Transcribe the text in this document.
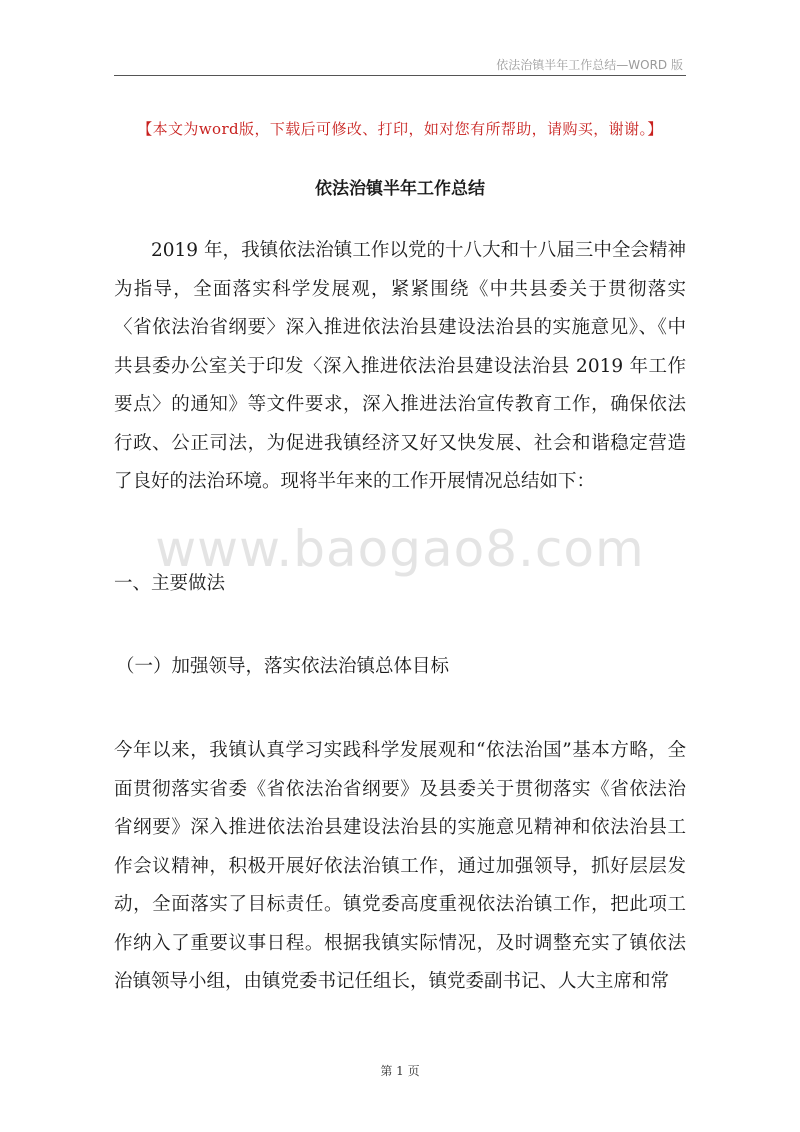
依法治镇半年工作总结—WORD 版
【本文为word版，下载后可修改、打印，如对您有所帮助，请购买，谢谢。】
依法治镇半年工作总结

2019 年，我镇依法治镇工作以党的十八大和十八届三中全会精神为指导，全面落实科学发展观，紧紧围绕《中共县委关于贯彻落实〈省依法治省纲要〉深入推进依法治县建设法治县的实施意见》、《中共县委办公室关于印发〈深入推进依法治县建设法治县 2019 年工作要点〉的通知》等文件要求，深入推进法治宣传教育工作，确保依法行政、公正司法，为促进我镇经济又好又快发展、社会和谐稳定营造了良好的法治环境。现将半年来的工作开展情况总结如下：

www.baogao8.com
一、主要做法
（一）加强领导，落实依法治镇总体目标

今年以来，我镇认真学习实践科学发展观和“依法治国”基本方略，全面贯彻落实省委《省依法治省纲要》及县委关于贯彻落实《省依法治省纲要》深入推进依法治县建设法治县的实施意见精神和依法治县工作会议精神，积极开展好依法治镇工作，通过加强领导，抓好层层发动，全面落实了目标责任。镇党委高度重视依法治镇工作，把此项工作纳入了重要议事日程。根据我镇实际情况，及时调整充实了镇依法治镇领导小组，由镇党委书记任组长，镇党委副书记、人大主席和常

第 1 页
